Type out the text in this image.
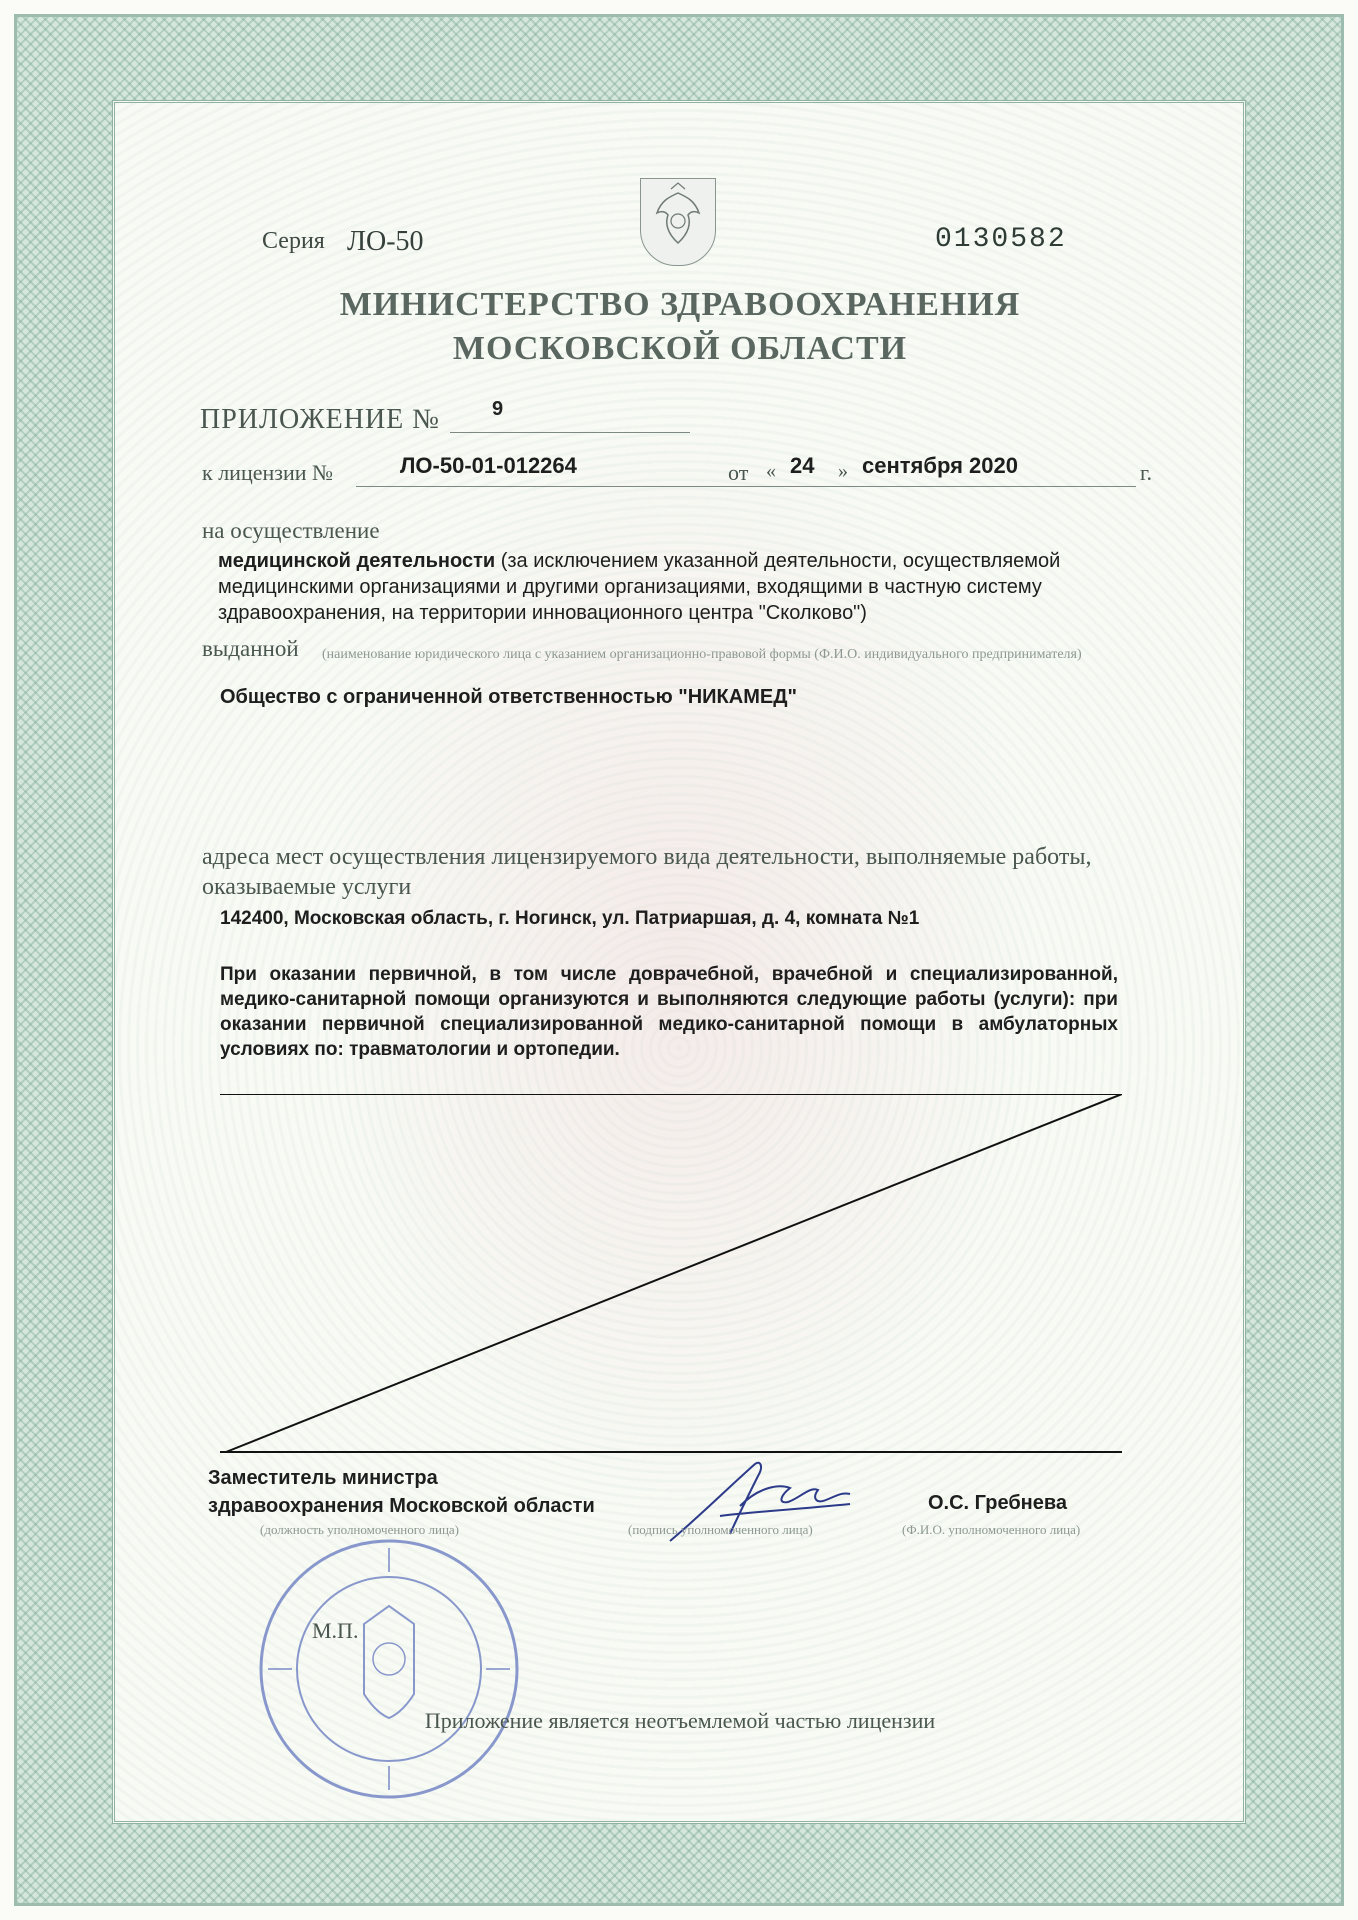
Серия ЛО-50	0130582
МИНИСТЕРСТВО ЗДРАВООХРАНЕНИЯ
МОСКОВСКОЙ ОБЛАСТИ
ПРИЛОЖЕНИЕ №	9
к лицензии №	ЛО-50-01-012264	от « 24 » сентября 2020	г.
на осуществление
медицинской деятельности (за исключением указанной деятельности, осуществляемой медицинскими организациями и другими организациями, входящими в частную систему здравоохранения, на территории инновационного центра "Сколково")
выданной (наименование юридического лица с указанием организационно-правовой формы (Ф.И.О. индивидуального предпринимателя)
Общество с ограниченной ответственностью "НИКАМЕД"
адреса мест осуществления лицензируемого вида деятельности, выполняемые работы, оказываемые услуги
142400, Московская область, г. Ногинск, ул. Патриаршая, д. 4, комната №1
При оказании первичной, в том числе доврачебной, врачебной и специализированной, медико-санитарной помощи организуются и выполняются следующие работы (услуги): при оказании первичной специализированной медико-санитарной помощи в амбулаторных условиях по: травматологии и ортопедии.
Заместитель министра
здравоохранения Московской области	О.С. Гребнева
(должность уполномоченного лица)	(подпись уполномоченного лица)	(Ф.И.О. уполномоченного лица)
М.П.
Приложение является неотъемлемой частью лицензии
